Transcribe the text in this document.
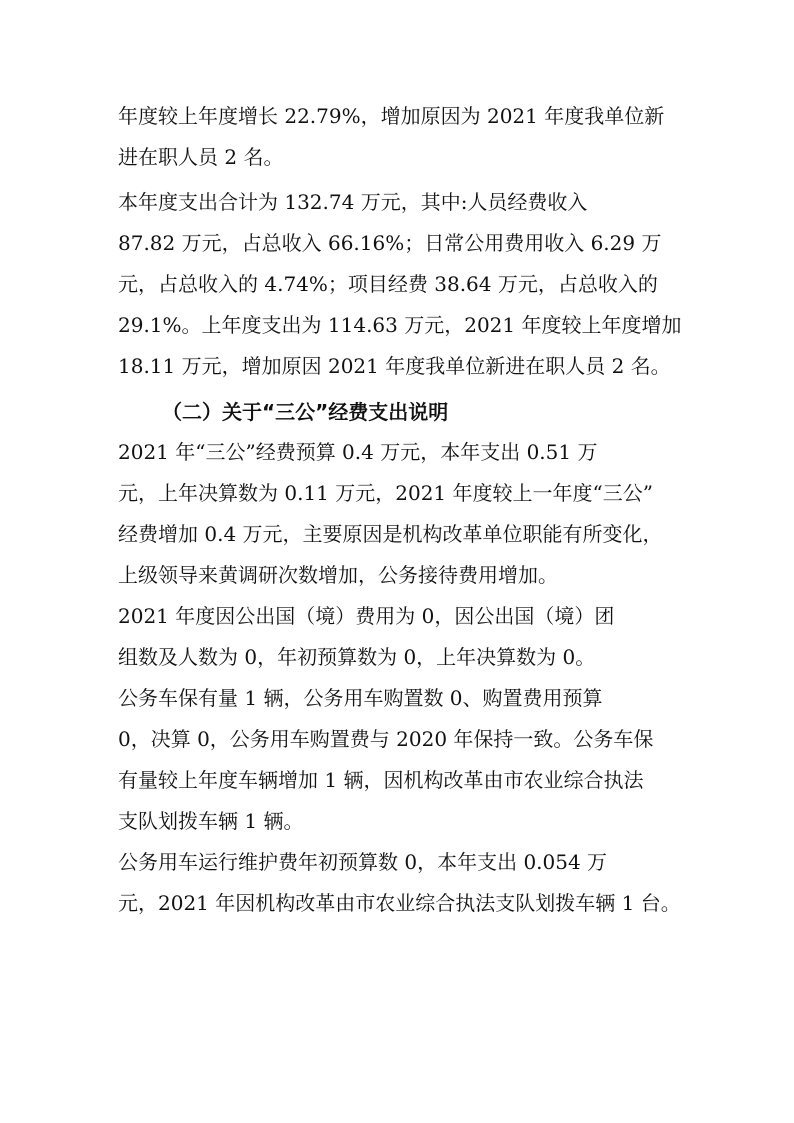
年度较上年度增长 22.79%，增加原因为 2021 年度我单位新
进在职人员 2 名。
本年度支出合计为 132.74 万元，其中:人员经费收入
87.82 万元，占总收入 66.16%；日常公用费用收入 6.29 万
元，占总收入的 4.74%；项目经费 38.64 万元，占总收入的
29.1%。上年度支出为 114.63 万元，2021 年度较上年度增加
18.11 万元，增加原因 2021 年度我单位新进在职人员 2 名。
（二）关于“三公”经费支出说明
2021 年“三公”经费预算 0.4 万元，本年支出 0.51 万
元，上年决算数为 0.11 万元，2021 年度较上一年度“三公”
经费增加 0.4 万元，主要原因是机构改革单位职能有所变化，
上级领导来黄调研次数增加，公务接待费用增加。
2021 年度因公出国（境）费用为 0，因公出国（境）团
组数及人数为 0，年初预算数为 0，上年决算数为 0。
公务车保有量 1 辆，公务用车购置数 0、购置费用预算
0，决算 0，公务用车购置费与 2020 年保持一致。公务车保
有量较上年度车辆增加 1 辆，因机构改革由市农业综合执法
支队划拨车辆 1 辆。
公务用车运行维护费年初预算数 0，本年支出 0.054 万
元，2021 年因机构改革由市农业综合执法支队划拨车辆 1 台。
